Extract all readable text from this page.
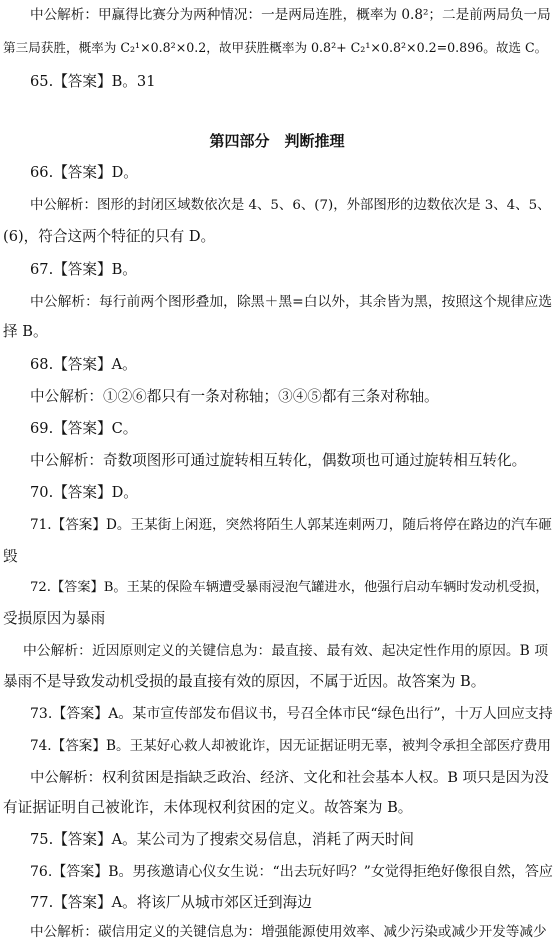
中公解析：甲赢得比赛分为两种情况：一是两局连胜，概率为 0.8²；二是前两局负一局
第三局获胜，概率为 C₂¹×0.8²×0.2，故甲获胜概率为 0.8²+ C₂¹×0.8²×0.2=0.896。故选 C。
65.【答案】B。31
第四部分　判断推理
66.【答案】D。
中公解析：图形的封闭区域数依次是 4、5、6、(7)，外部图形的边数依次是 3、4、5、
(6)，符合这两个特征的只有 D。
67.【答案】B。
中公解析：每行前两个图形叠加，除黑＋黑=白以外，其余皆为黑，按照这个规律应选
择 B。
68.【答案】A。
中公解析：①②⑥都只有一条对称轴；③④⑤都有三条对称轴。
69.【答案】C。
中公解析：奇数项图形可通过旋转相互转化，偶数项也可通过旋转相互转化。
70.【答案】D。
71.【答案】D。王某街上闲逛，突然将陌生人郭某连刺两刀，随后将停在路边的汽车砸
毁
72.【答案】B。王某的保险车辆遭受暴雨浸泡气罐进水，他强行启动车辆时发动机受损，
受损原因为暴雨
中公解析：近因原则定义的关键信息为：最直接、最有效、起决定性作用的原因。B 项
暴雨不是导致发动机受损的最直接有效的原因，不属于近因。故答案为 B。
73.【答案】A。某市宣传部发布倡议书，号召全体市民“绿色出行”，十万人回应支持
74.【答案】B。王某好心救人却被讹诈，因无证据证明无辜，被判令承担全部医疗费用
中公解析：权利贫困是指缺乏政治、经济、文化和社会基本人权。B 项只是因为没
有证据证明自己被讹诈，未体现权利贫困的定义。故答案为 B。
75.【答案】A。某公司为了搜索交易信息，消耗了两天时间
76.【答案】B。男孩邀请心仪女生说：“出去玩好吗？”女觉得拒绝好像很自然，答应
77.【答案】A。将该厂从城市郊区迁到海边
中公解析：碳信用定义的关键信息为：增强能源使用效率、减少污染或减少开发等减少
